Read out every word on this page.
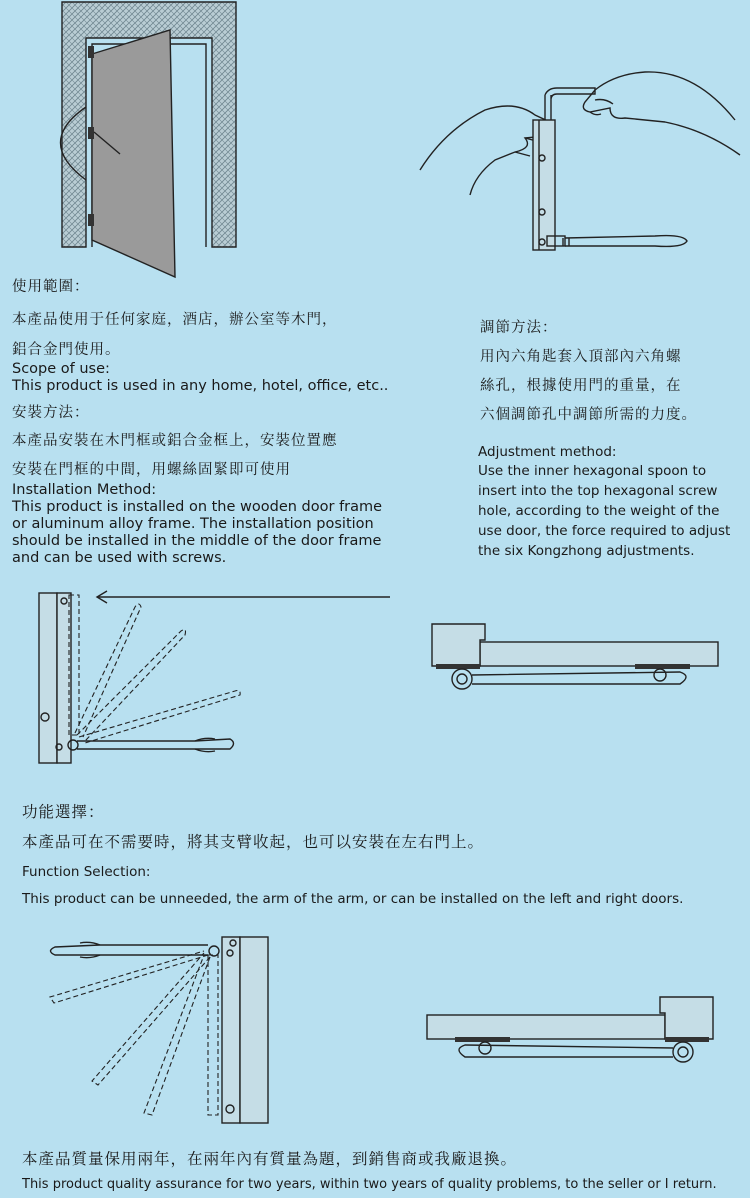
使用範圍：
本產品使用于任何家庭，酒店，辦公室等木門，
鋁合金門使用。
Scope of use:
This product is used in any home, hotel, office, etc..
安裝方法：
本產品安裝在木門框或鋁合金框上，安裝位置應
安裝在門框的中間，用螺絲固緊即可使用
Installation Method:
This product is installed on the wooden door frame
or aluminum alloy frame. The installation position
should be installed in the middle of the door frame
and can be used with screws.
調節方法：
用內六角匙套入頂部內六角螺
絲孔，根據使用門的重量，在
六個調節孔中調節所需的力度。
Adjustment method:
Use the inner hexagonal spoon to
insert into the top hexagonal screw
hole, according to the weight of the
use door, the force required to adjust
the six Kongzhong adjustments.
功能選擇：
本產品可在不需要時，將其支臂收起，也可以安裝在左右門上。
Function Selection:
This product can be unneeded, the arm of the arm, or can be installed on the left and right doors.
本產品質量保用兩年，在兩年內有質量為題，到銷售商或我廠退換。
This product quality assurance for two years, within two years of quality problems, to the seller or I return.
